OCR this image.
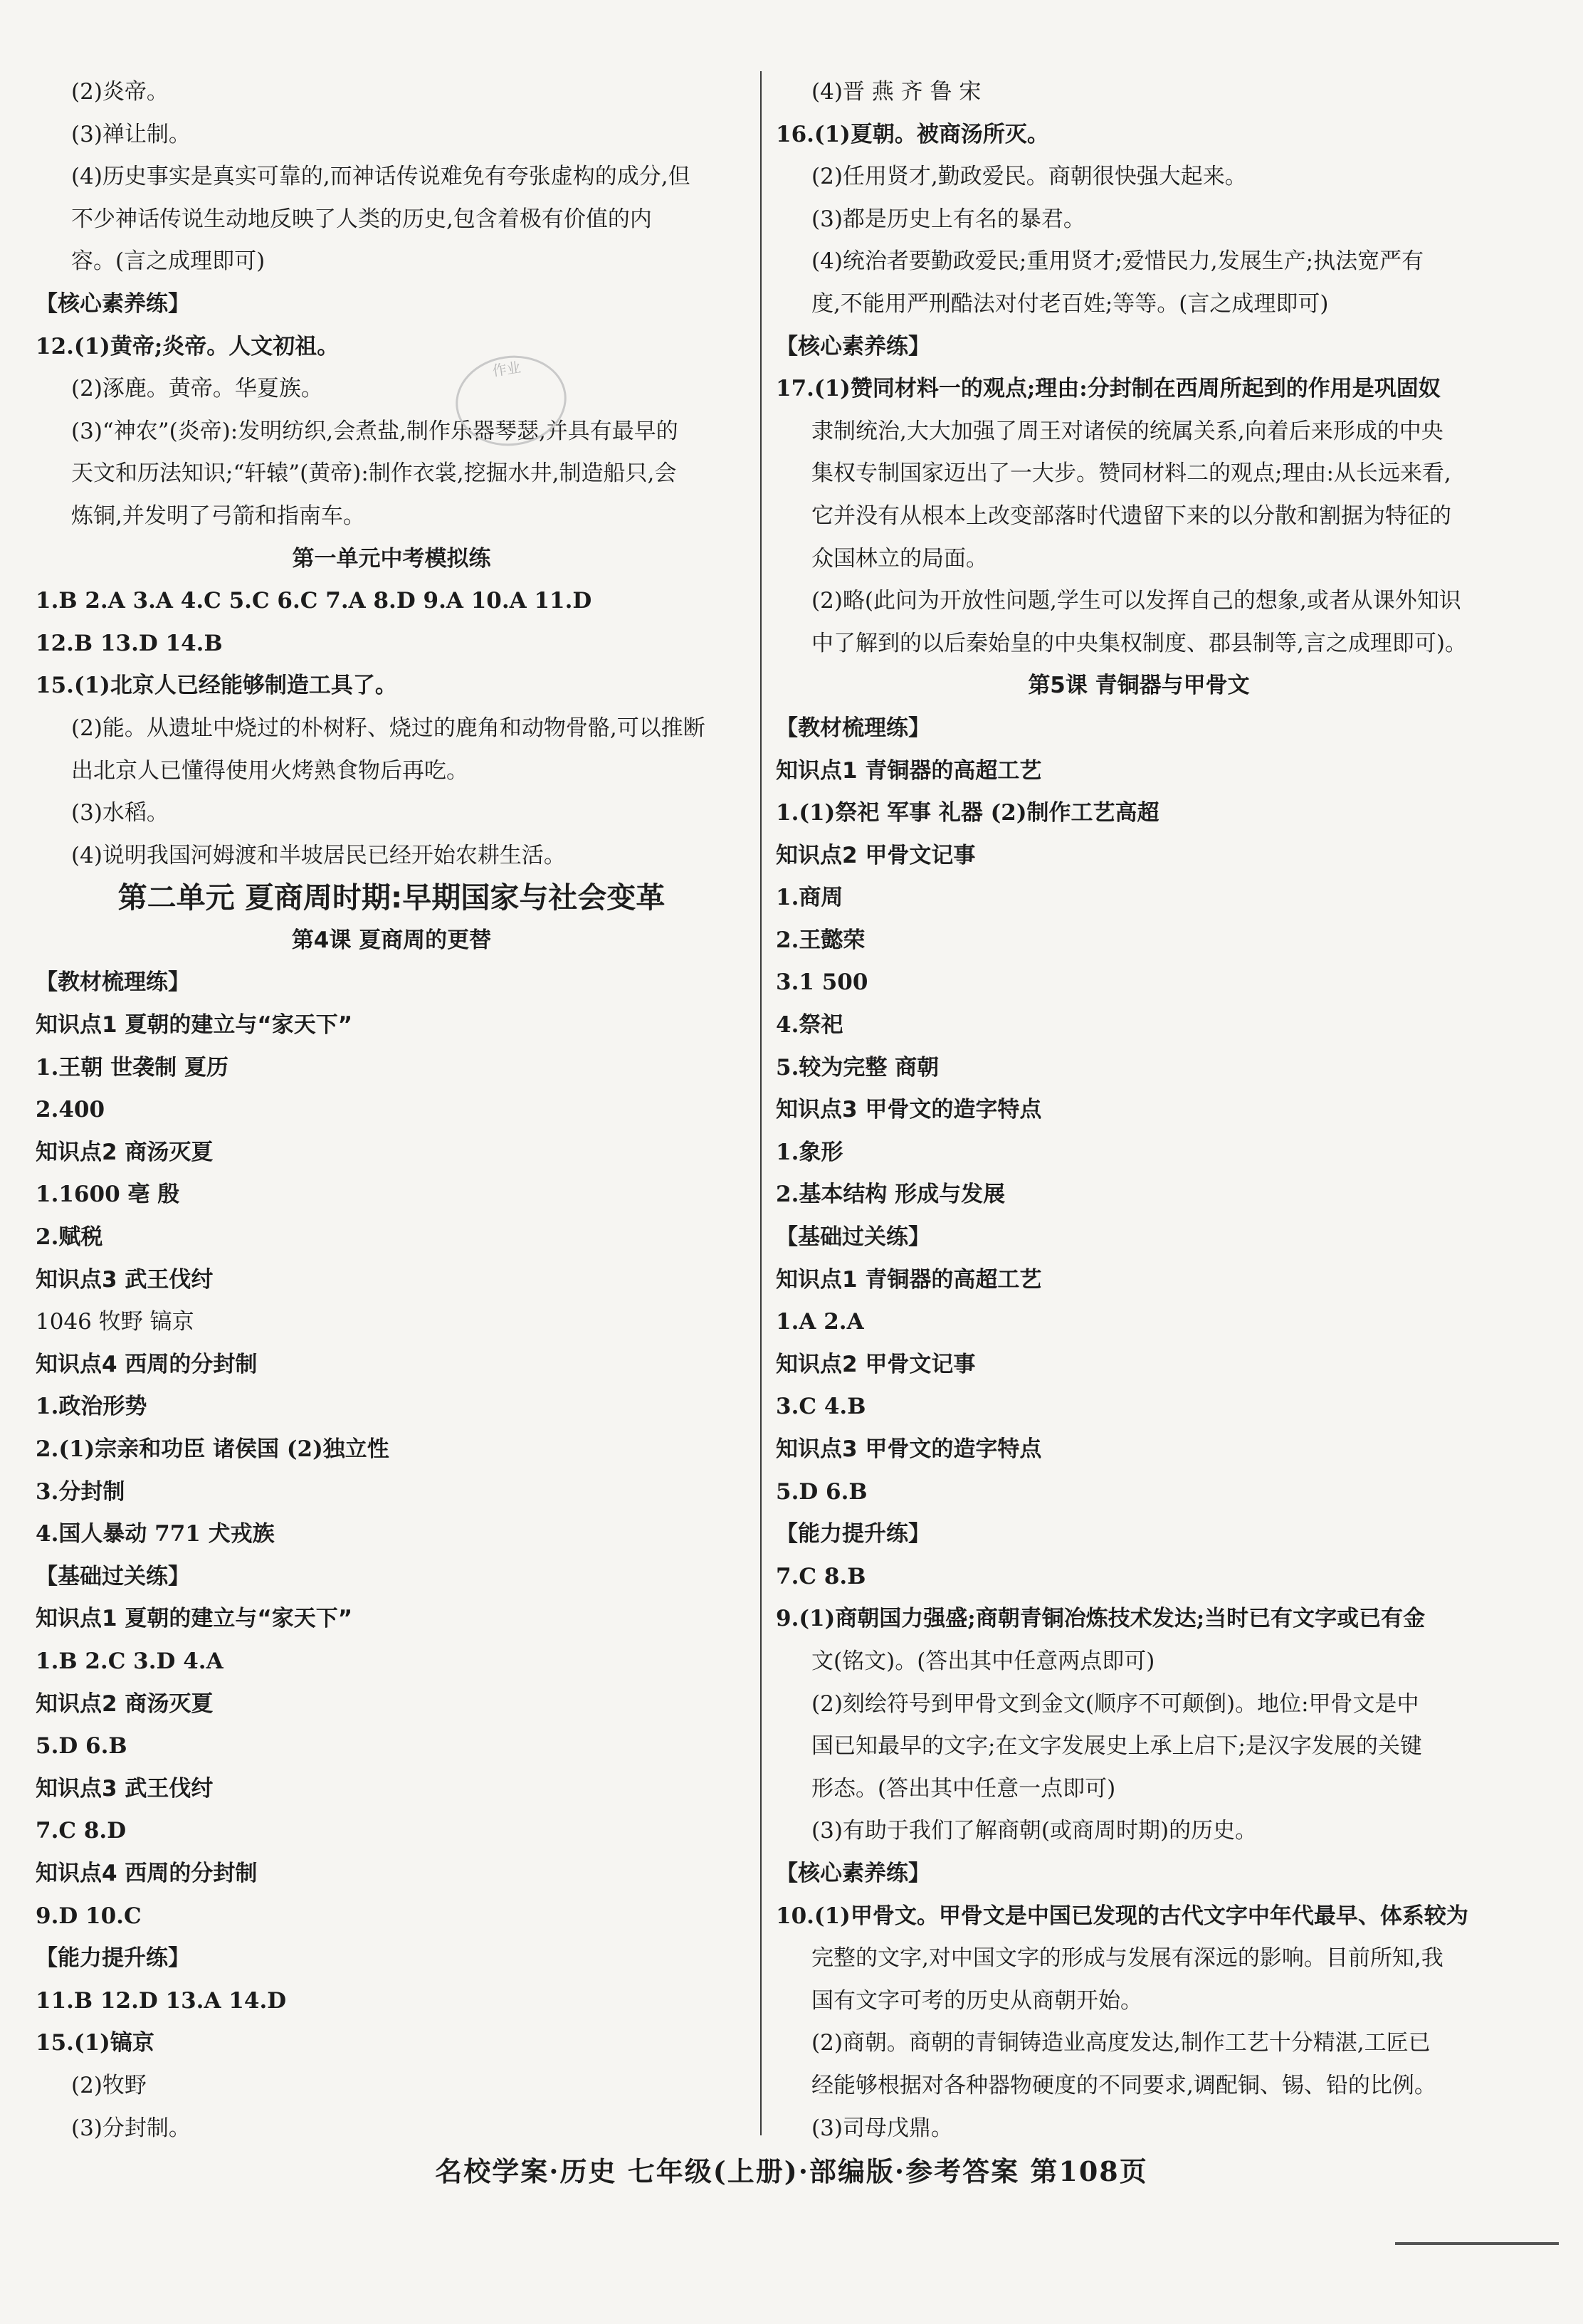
(2)炎帝。
(3)禅让制。
(4)历史事实是真实可靠的,而神话传说难免有夸张虚构的成分,但
不少神话传说生动地反映了人类的历史,包含着极有价值的内
容。(言之成理即可)
【核心素养练】
12.(1)黄帝;炎帝。人文初祖。
(2)涿鹿。黄帝。华夏族。
(3)“神农”(炎帝):发明纺织,会煮盐,制作乐器琴瑟,并具有最早的
天文和历法知识;“轩辕”(黄帝):制作衣裳,挖掘水井,制造船只,会
炼铜,并发明了弓箭和指南车。
第一单元中考模拟练
1.B 2.A 3.A 4.C 5.C 6.C 7.A 8.D 9.A 10.A 11.D
12.B 13.D 14.B
15.(1)北京人已经能够制造工具了。
(2)能。从遗址中烧过的朴树籽、烧过的鹿角和动物骨骼,可以推断
出北京人已懂得使用火烤熟食物后再吃。
(3)水稻。
(4)说明我国河姆渡和半坡居民已经开始农耕生活。
第二单元 夏商周时期:早期国家与社会变革
第4课 夏商周的更替
【教材梳理练】
知识点1 夏朝的建立与“家天下”
1.王朝 世袭制 夏历
2.400
知识点2 商汤灭夏
1.1600 亳 殷
2.赋税
知识点3 武王伐纣
1046 牧野 镐京
知识点4 西周的分封制
1.政治形势
2.(1)宗亲和功臣 诸侯国 (2)独立性
3.分封制
4.国人暴动 771 犬戎族
【基础过关练】
知识点1 夏朝的建立与“家天下”
1.B 2.C 3.D 4.A
知识点2 商汤灭夏
5.D 6.B
知识点3 武王伐纣
7.C 8.D
知识点4 西周的分封制
9.D 10.C
【能力提升练】
11.B 12.D 13.A 14.D
15.(1)镐京
(2)牧野
(3)分封制。
(4)晋 燕 齐 鲁 宋
16.(1)夏朝。被商汤所灭。
(2)任用贤才,勤政爱民。商朝很快强大起来。
(3)都是历史上有名的暴君。
(4)统治者要勤政爱民;重用贤才;爱惜民力,发展生产;执法宽严有
度,不能用严刑酷法对付老百姓;等等。(言之成理即可)
【核心素养练】
17.(1)赞同材料一的观点;理由:分封制在西周所起到的作用是巩固奴
隶制统治,大大加强了周王对诸侯的统属关系,向着后来形成的中央
集权专制国家迈出了一大步。赞同材料二的观点;理由:从长远来看,
它并没有从根本上改变部落时代遗留下来的以分散和割据为特征的
众国林立的局面。
(2)略(此问为开放性问题,学生可以发挥自己的想象,或者从课外知识
中了解到的以后秦始皇的中央集权制度、郡县制等,言之成理即可)。
第5课 青铜器与甲骨文
【教材梳理练】
知识点1 青铜器的高超工艺
1.(1)祭祀 军事 礼器 (2)制作工艺高超
知识点2 甲骨文记事
1.商周
2.王懿荣
3.1 500
4.祭祀
5.较为完整 商朝
知识点3 甲骨文的造字特点
1.象形
2.基本结构 形成与发展
【基础过关练】
知识点1 青铜器的高超工艺
1.A 2.A
知识点2 甲骨文记事
3.C 4.B
知识点3 甲骨文的造字特点
5.D 6.B
【能力提升练】
7.C 8.B
9.(1)商朝国力强盛;商朝青铜冶炼技术发达;当时已有文字或已有金
文(铭文)。(答出其中任意两点即可)
(2)刻绘符号到甲骨文到金文(顺序不可颠倒)。地位:甲骨文是中
国已知最早的文字;在文字发展史上承上启下;是汉字发展的关键
形态。(答出其中任意一点即可)
(3)有助于我们了解商朝(或商周时期)的历史。
【核心素养练】
10.(1)甲骨文。甲骨文是中国已发现的古代文字中年代最早、体系较为
完整的文字,对中国文字的形成与发展有深远的影响。目前所知,我
国有文字可考的历史从商朝开始。
(2)商朝。商朝的青铜铸造业高度发达,制作工艺十分精湛,工匠已
经能够根据对各种器物硬度的不同要求,调配铜、锡、铅的比例。
(3)司母戊鼎。
作业
名校学案·历史 七年级(上册)·部编版·参考答案 第108页
